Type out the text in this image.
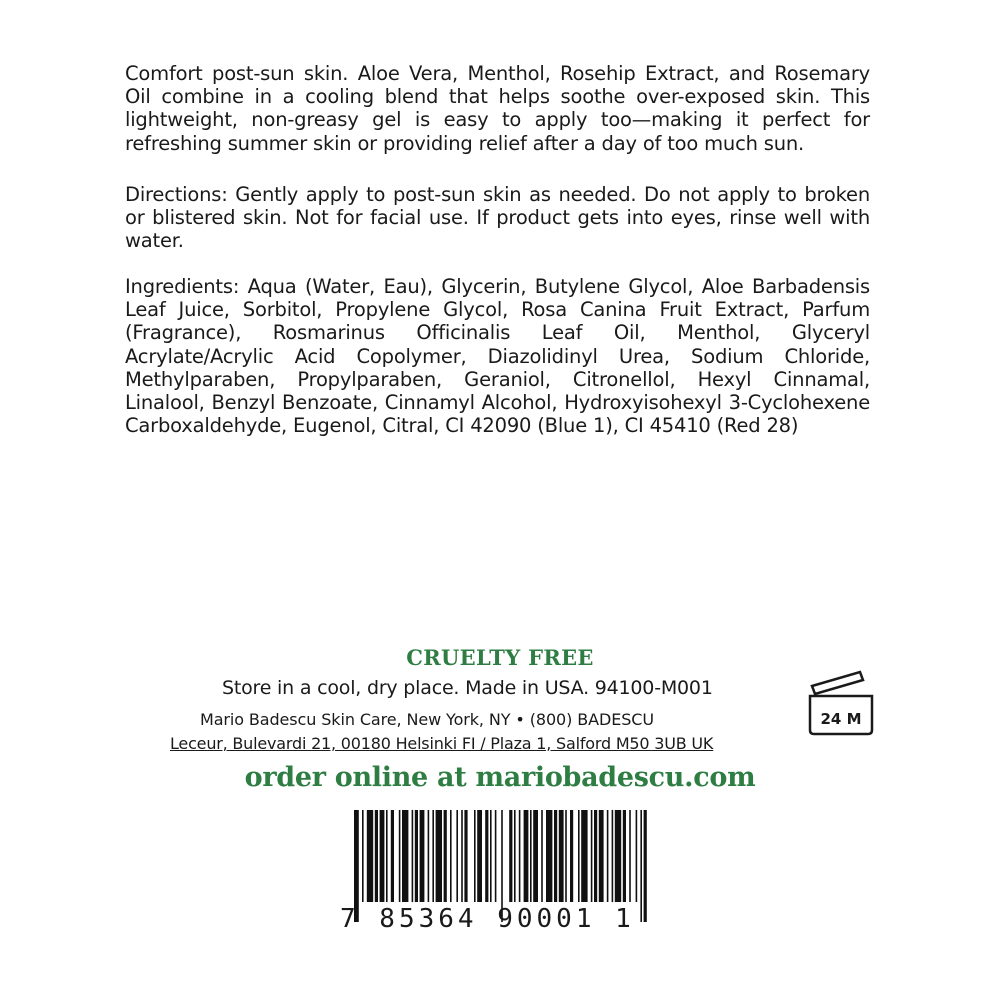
Comfort post-sun skin. Aloe Vera, Menthol, Rosehip Extract, and Rosemary Oil combine in a cooling blend that helps soothe over-exposed skin. This lightweight, non-greasy gel is easy to apply too—making it perfect for refreshing summer skin or providing relief after a day of too much sun.
Directions: Gently apply to post-sun skin as needed. Do not apply to broken or blistered skin. Not for facial use. If product gets into eyes, rinse well with water.
Ingredients: Aqua (Water, Eau), Glycerin, Butylene Glycol, Aloe Barbadensis Leaf Juice, Sorbitol, Propylene Glycol, Rosa Canina Fruit Extract, Parfum (Fragrance), Rosmarinus Officinalis Leaf Oil, Menthol, Glyceryl Acrylate/Acrylic Acid Copolymer, Diazolidinyl Urea, Sodium Chloride, Methylparaben, Propylparaben, Geraniol, Citronellol, Hexyl Cinnamal, Linalool, Benzyl Benzoate, Cinnamyl Alcohol, Hydroxyisohexyl 3-Cyclohexene Carboxaldehyde, Eugenol, Citral, CI 42090 (Blue 1), CI 45410 (Red 28)
CRUELTY FREE
Store in a cool, dry place. Made in USA. 94100-M001
Mario Badescu Skin Care, New York, NY • (800) BADESCU
Leceur, Bulevardi 21, 00180 Helsinki FI / Plaza 1, Salford M50 3UB UK
order online at mariobadescu.com
24 M
7 85364 90001 1
